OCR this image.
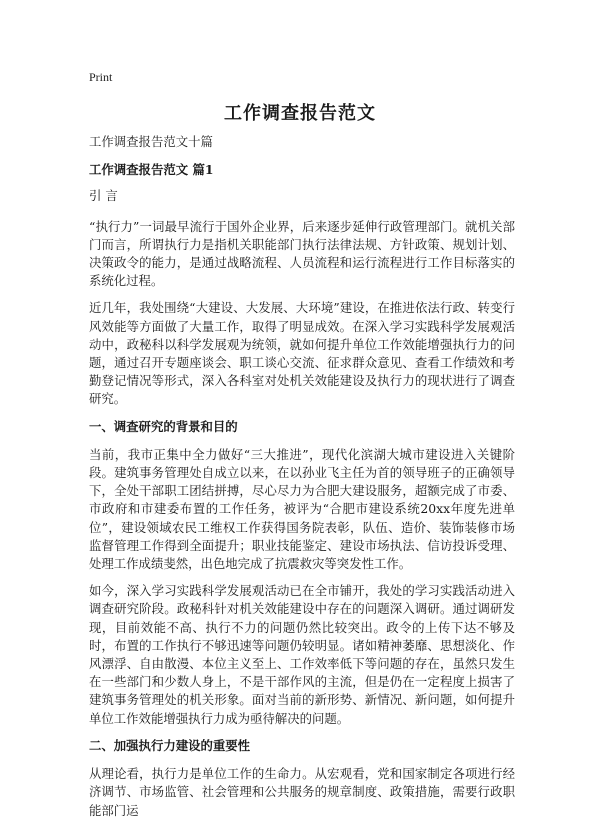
Print
工作调查报告范文

工作调查报告范文十篇

工作调查报告范文 篇1

引 言

“执行力”一词最早流行于国外企业界，后来逐步延伸行政管理部门。就机关部门而言，所谓执行力是指机关职能部门执行法律法规、方针政策、规划计划、决策政令的能力，是通过战略流程、人员流程和运行流程进行工作目标落实的系统化过程。

近几年，我处围绕“大建设、大发展、大环境”建设，在推进依法行政、转变行风效能等方面做了大量工作，取得了明显成效。在深入学习实践科学发展观活动中，政秘科以科学发展观为统领，就如何提升单位工作效能增强执行力的问题，通过召开专题座谈会、职工谈心交流、征求群众意见、查看工作绩效和考勤登记情况等形式，深入各科室对处机关效能建设及执行力的现状进行了调查研究。

一、调查研究的背景和目的

当前，我市正集中全力做好“三大推进”，现代化滨湖大城市建设进入关键阶段。建筑事务管理处自成立以来，在以孙业飞主任为首的领导班子的正确领导下，全处干部职工团结拼搏，尽心尽力为合肥大建设服务，超额完成了市委、市政府和市建委布置的工作任务，被评为“合肥市建设系统20xx年度先进单位”，建设领域农民工维权工作获得国务院表彰，队伍、造价、装饰装修市场监督管理工作得到全面提升；职业技能鉴定、建设市场执法、信访投诉受理、处理工作成绩斐然，出色地完成了抗震救灾等突发性工作。

如今，深入学习实践科学发展观活动已在全市铺开，我处的学习实践活动进入调查研究阶段。政秘科针对机关效能建设中存在的问题深入调研。通过调研发现，目前效能不高、执行不力的问题仍然比较突出。政令的上传下达不够及时，布置的工作执行不够迅速等问题仍较明显。诸如精神萎靡、思想淡化、作风漂浮、自由散漫、本位主义至上、工作效率低下等问题的存在，虽然只发生在一些部门和少数人身上，不是干部作风的主流，但是仍在一定程度上损害了建筑事务管理处的机关形象。面对当前的新形势、新情况、新问题，如何提升单位工作效能增强执行力成为亟待解决的问题。

二、加强执行力建设的重要性

从理论看，执行力是单位工作的生命力。从宏观看，党和国家制定各项进行经济调节、市场监管、社会管理和公共服务的规章制度、政策措施，需要行政职能部门运
